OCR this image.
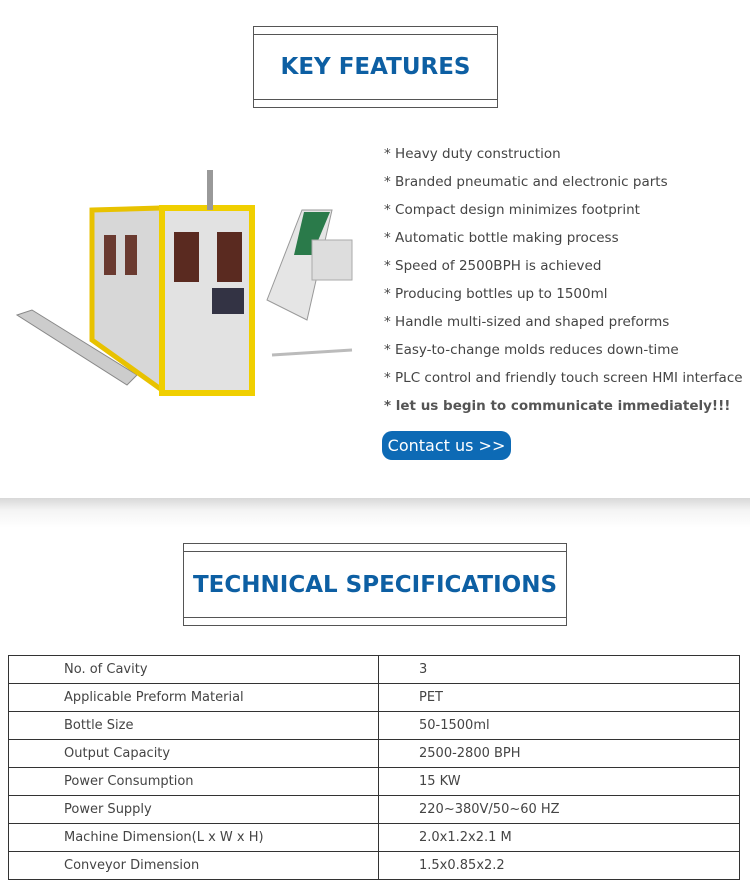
KEY FEATURES
* Heavy duty construction
* Branded pneumatic and electronic parts
* Compact design minimizes footprint
* Automatic bottle making process
* Speed of 2500BPH is achieved
* Producing bottles up to 1500ml
* Handle multi-sized and shaped preforms
* Easy-to-change molds reduces down-time
* PLC control and friendly touch screen HMI interface
* let us begin to communicate immediately!!!
Contact us >>
TECHNICAL SPECIFICATIONS
No. of Cavity	3
Applicable Preform Material	PET
Bottle Size	50-1500ml
Output Capacity	2500-2800 BPH
Power Consumption	15 KW
Power Supply	220~380V/50~60 HZ
Machine Dimension(L x W x H)	2.0x1.2x2.1 M
Conveyor Dimension	1.5x0.85x2.2
